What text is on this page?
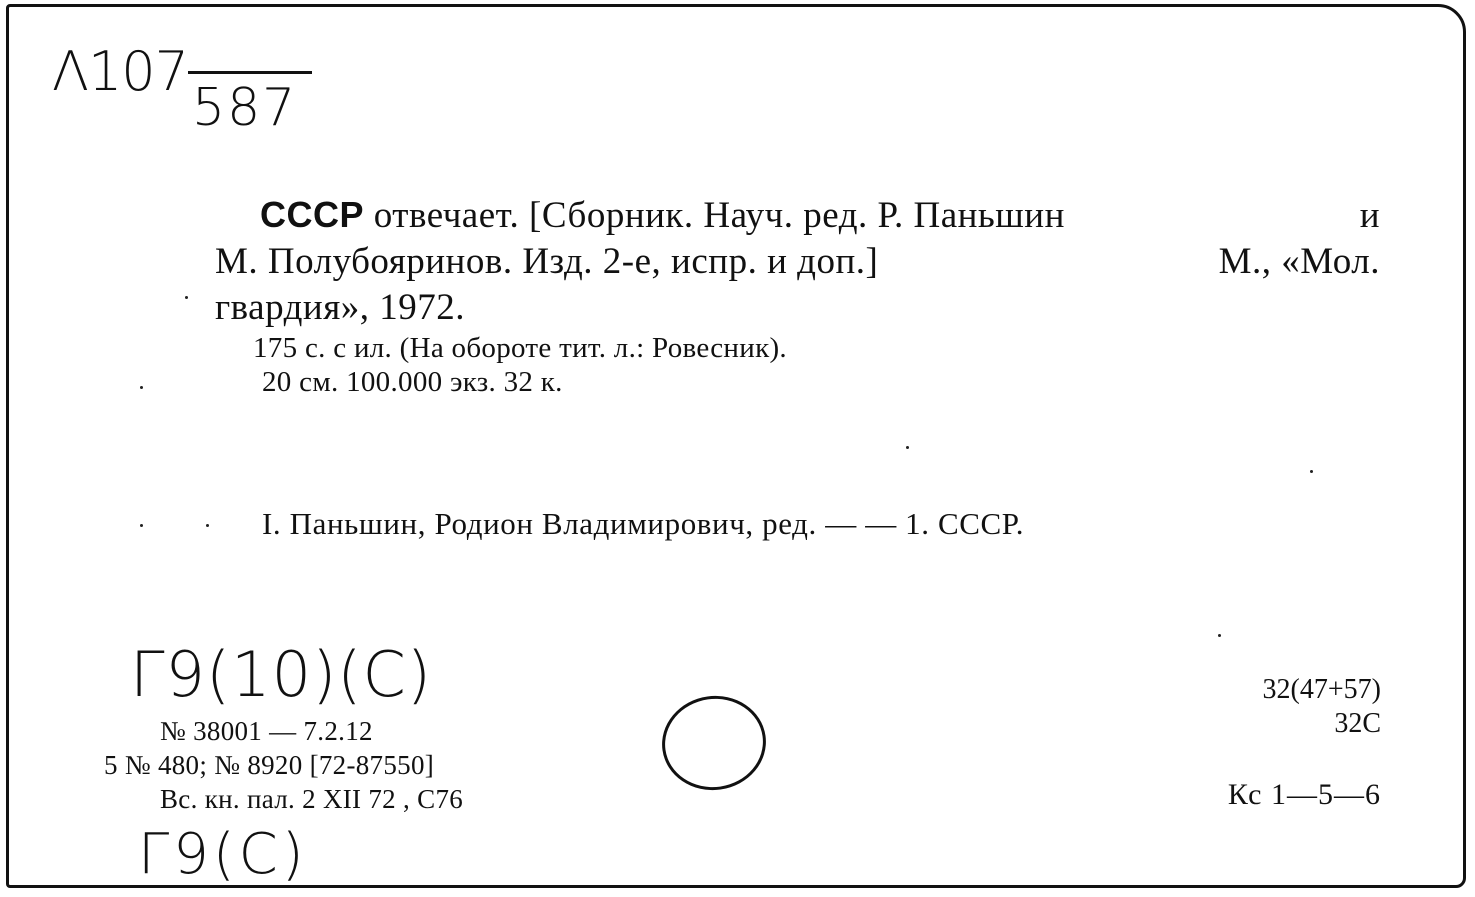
Λ107
587
СССР отвечает. [Сборник. Науч. ред. Р. Паньшин	и
М. Полубояринов. Изд. 2-е, испр. и доп.]	М., «Мол.
гвардия», 1972.
175 с. с ил. (На обороте тит. л.: Ровесник).
20 см. 100.000 экз. 32 к.
I. Паньшин, Родион Владимирович, ред. — — 1. СССР.
Г9(10)(С)
Г9(С)
№ 38001 — 7.2.12
5 № 480; № 8920 [72-87550]
Вс. кн. пал. 2 XII 72 , С76
32(47+57)
32С
Кс 1—5—6
